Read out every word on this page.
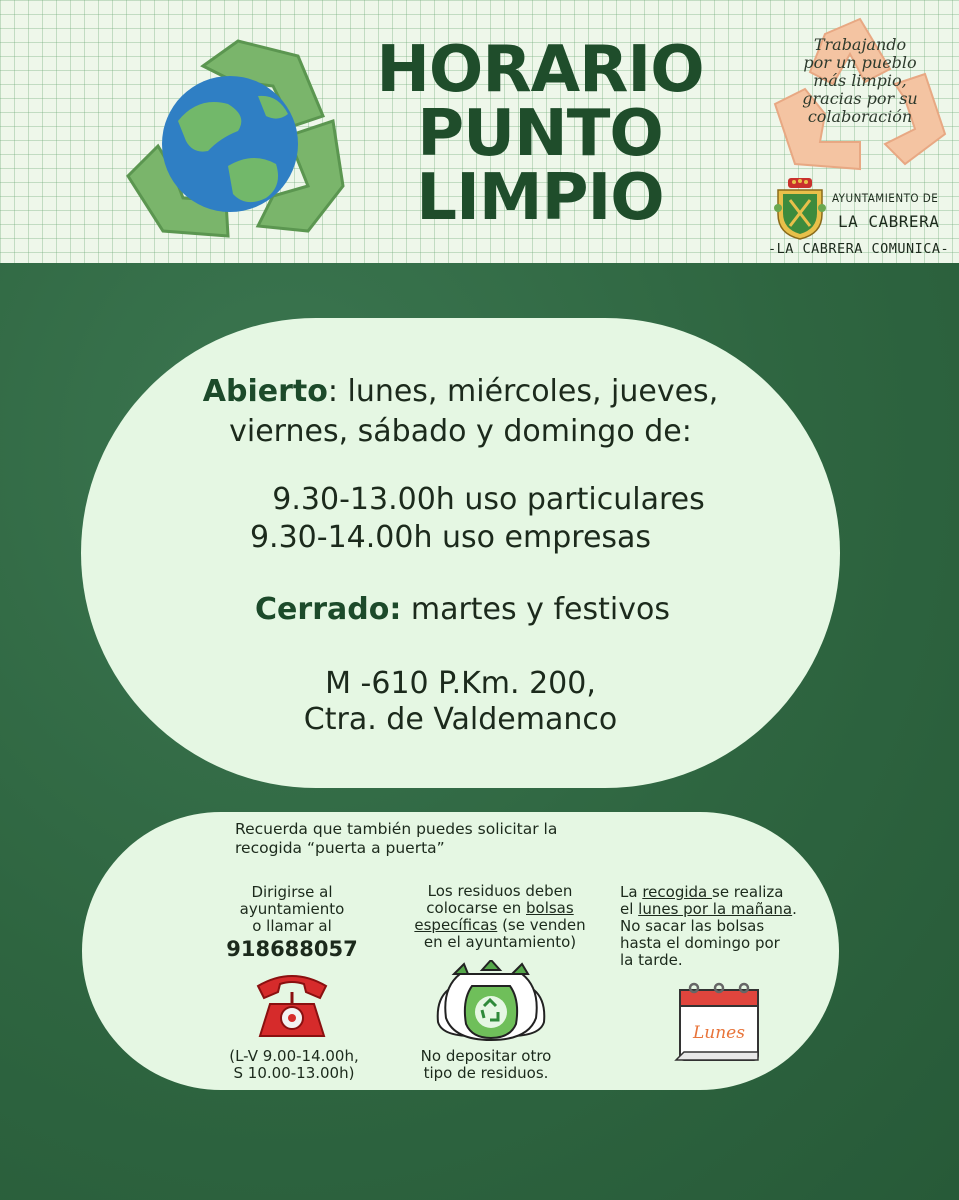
HORARIO
PUNTO
LIMPIO
Trabajando
por un pueblo
más limpio,
gracias por su
colaboración
AYUNTAMIENTO DE
LA CABRERA
-LA CABRERA COMUNICA-
Abierto: lunes, miércoles, jueves,
viernes, sábado y domingo de:
9.30-13.00h uso particulares
9.30-14.00h uso empresas
Cerrado: martes y festivos
M -610 P.Km. 200,
Ctra. de Valdemanco
Recuerda que también puedes solicitar la
recogida “puerta a puerta”
Dirigirse al
ayuntamiento
o llamar al
918688057
(L-V 9.00-14.00h,
S 10.00-13.00h)
Los residuos deben
colocarse en bolsas
específicas (se venden
en el ayuntamiento)
No depositar otro
tipo de residuos.
La recogida se realiza
el lunes por la mañana.
No sacar las bolsas
hasta el domingo por
la tarde.
Lunes
